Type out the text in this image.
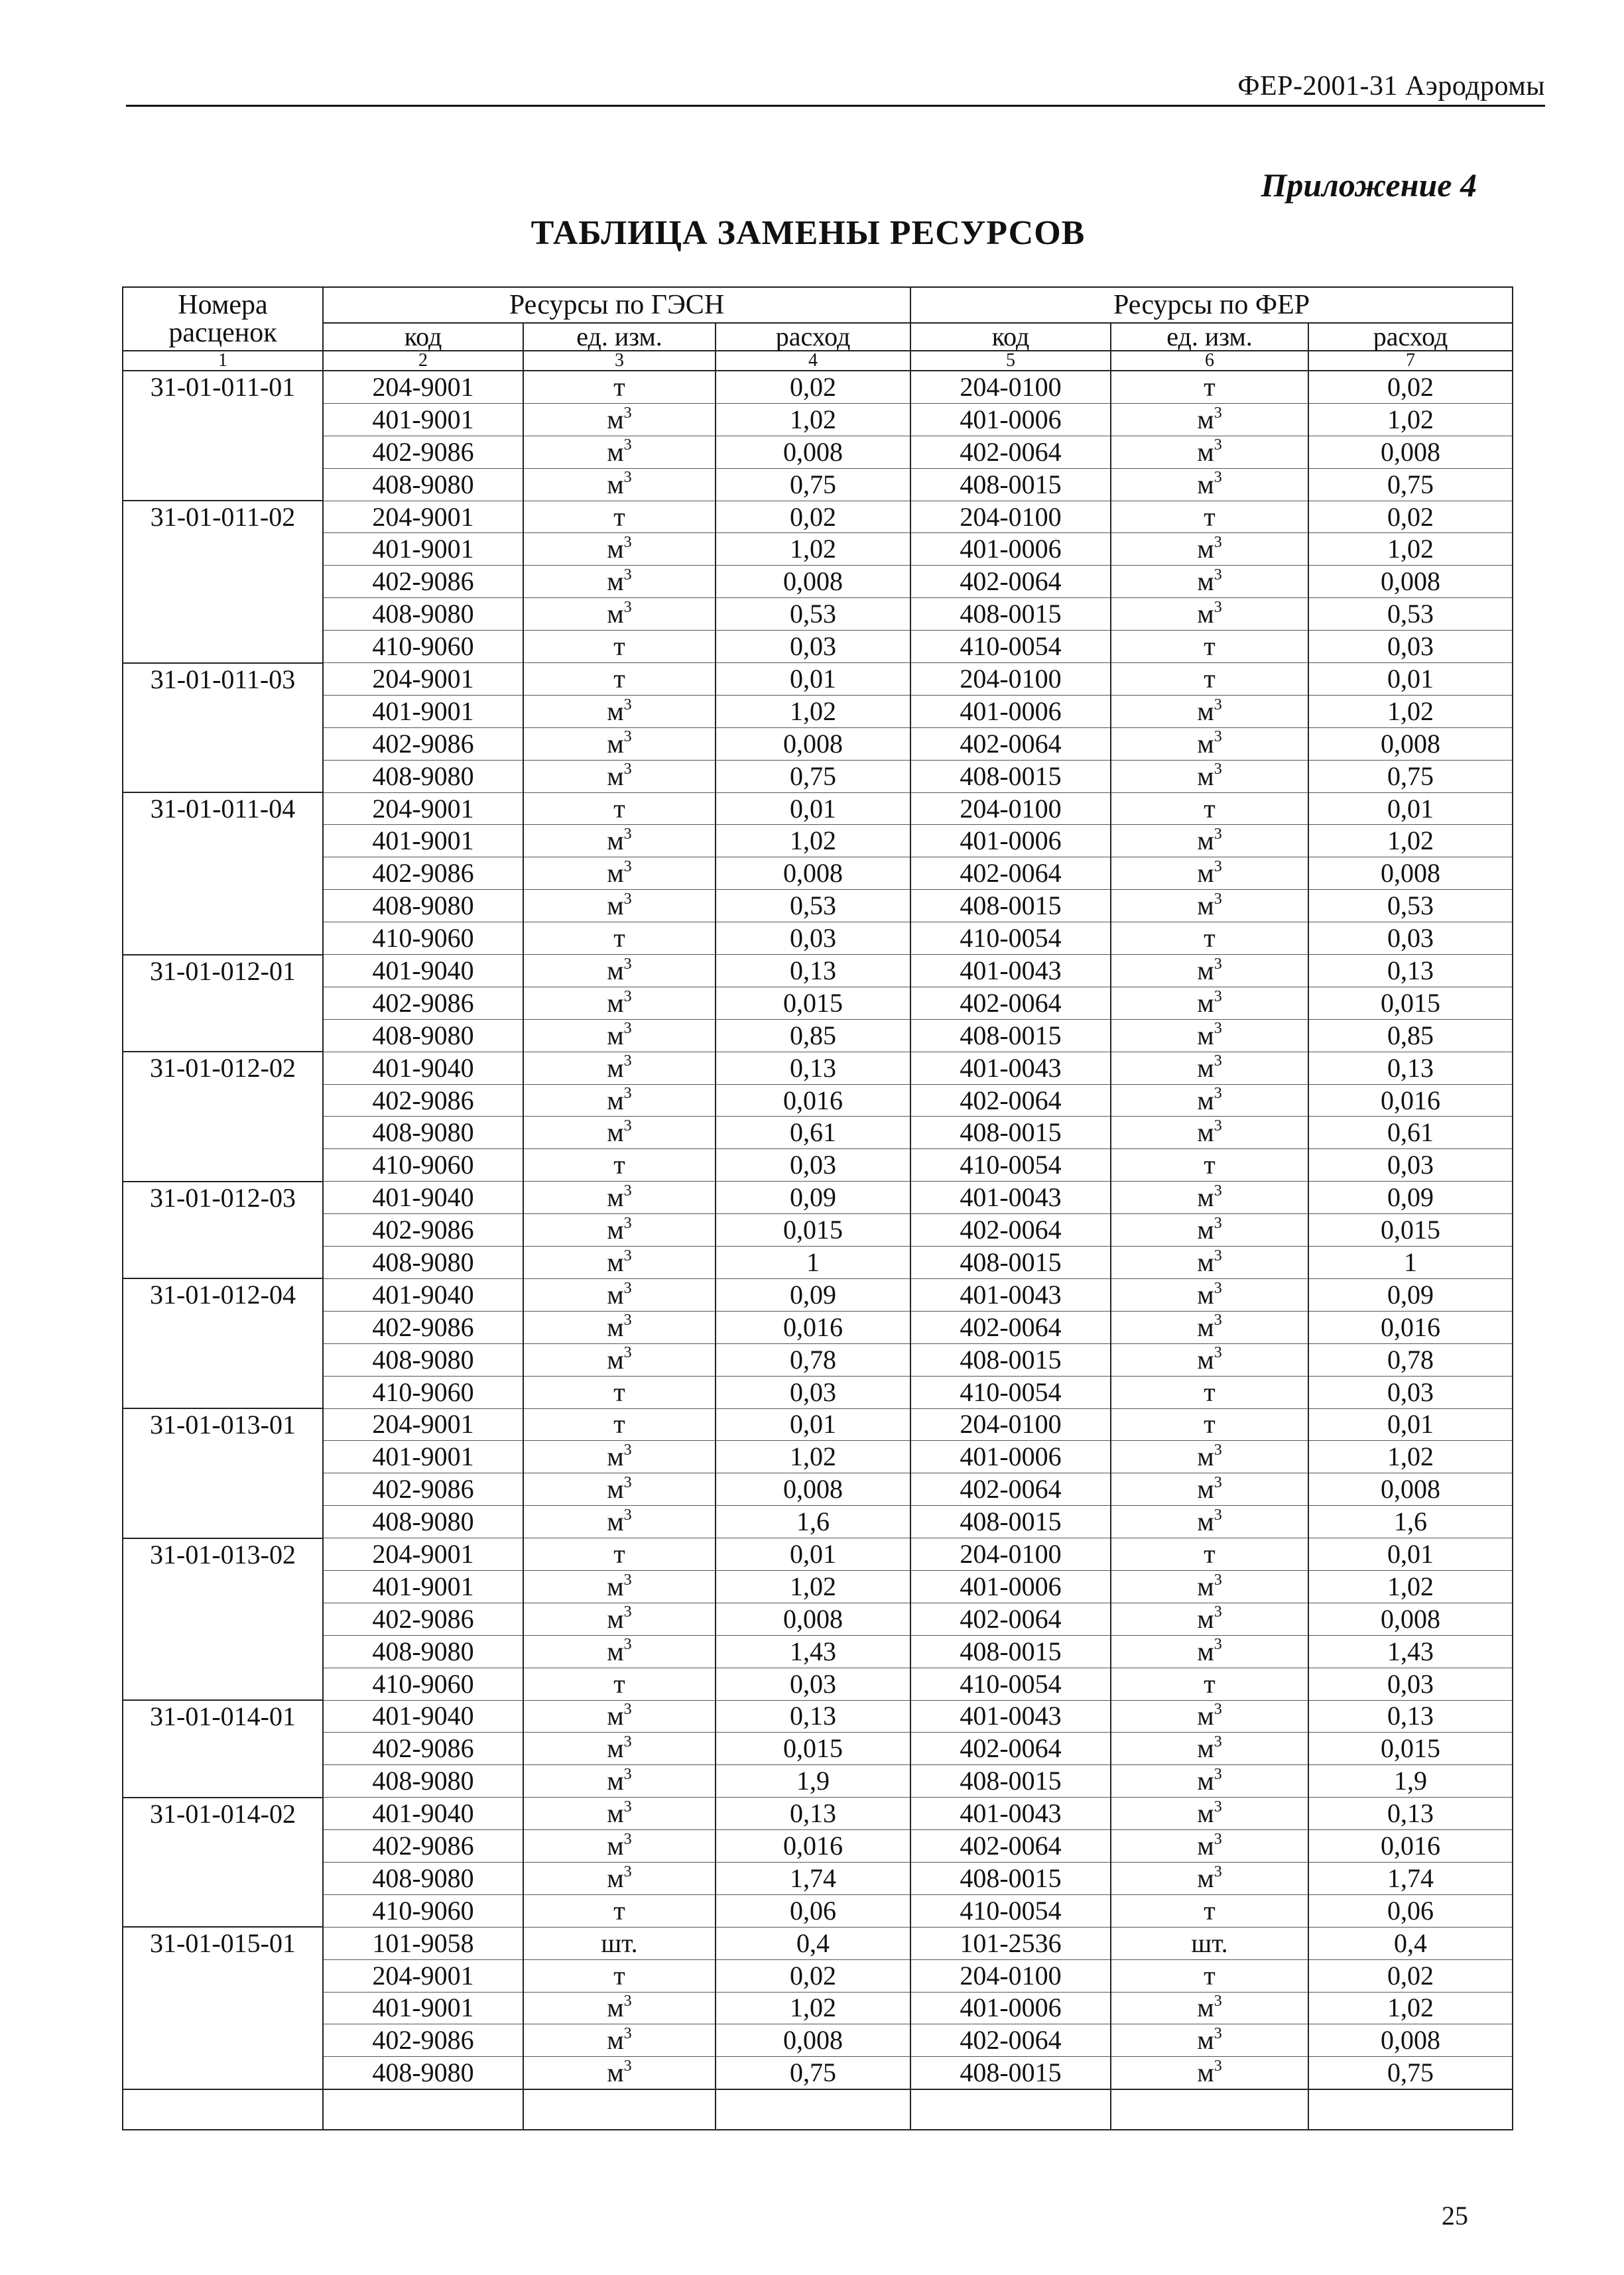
ФЕР-2001-31 Аэродромы
Приложение 4
ТАБЛИЦА ЗАМЕНЫ РЕСУРСОВ
Номера
расценок	Ресурсы по ГЭСН			Ресурсы по ФЕР		
	код	ед. изм.	расход	код	ед. изм.	расход
1	2	3	4	5	6	7
31-01-011-01	204-9001	т	0,02	204-0100	т	0,02
	401-9001	$м^3$	1,02	401-0006	$м^3$	1,02
	402-9086	$м^3$	0,008	402-0064	$м^3$	0,008
	408-9080	$м^3$	0,75	408-0015	$м^3$	0,75
31-01-011-02	204-9001	т	0,02	204-0100	т	0,02
	401-9001	$м^3$	1,02	401-0006	$м^3$	1,02
	402-9086	$м^3$	0,008	402-0064	$м^3$	0,008
	408-9080	$м^3$	0,53	408-0015	$м^3$	0,53
	410-9060	т	0,03	410-0054	т	0,03
31-01-011-03	204-9001	т	0,01	204-0100	т	0,01
	401-9001	$м^3$	1,02	401-0006	$м^3$	1,02
	402-9086	$м^3$	0,008	402-0064	$м^3$	0,008
	408-9080	$м^3$	0,75	408-0015	$м^3$	0,75
31-01-011-04	204-9001	т	0,01	204-0100	т	0,01
	401-9001	$м^3$	1,02	401-0006	$м^3$	1,02
	402-9086	$м^3$	0,008	402-0064	$м^3$	0,008
	408-9080	$м^3$	0,53	408-0015	$м^3$	0,53
	410-9060	т	0,03	410-0054	т	0,03
31-01-012-01	401-9040	$м^3$	0,13	401-0043	$м^3$	0,13
	402-9086	$м^3$	0,015	402-0064	$м^3$	0,015
	408-9080	$м^3$	0,85	408-0015	$м^3$	0,85
31-01-012-02	401-9040	$м^3$	0,13	401-0043	$м^3$	0,13
	402-9086	$м^3$	0,016	402-0064	$м^3$	0,016
	408-9080	$м^3$	0,61	408-0015	$м^3$	0,61
	410-9060	т	0,03	410-0054	т	0,03
31-01-012-03	401-9040	$м^3$	0,09	401-0043	$м^3$	0,09
	402-9086	$м^3$	0,015	402-0064	$м^3$	0,015
	408-9080	$м^3$	1	408-0015	$м^3$	1
31-01-012-04	401-9040	$м^3$	0,09	401-0043	$м^3$	0,09
	402-9086	$м^3$	0,016	402-0064	$м^3$	0,016
	408-9080	$м^3$	0,78	408-0015	$м^3$	0,78
	410-9060	т	0,03	410-0054	т	0,03
31-01-013-01	204-9001	т	0,01	204-0100	т	0,01
	401-9001	$м^3$	1,02	401-0006	$м^3$	1,02
	402-9086	$м^3$	0,008	402-0064	$м^3$	0,008
	408-9080	$м^3$	1,6	408-0015	$м^3$	1,6
31-01-013-02	204-9001	т	0,01	204-0100	т	0,01
	401-9001	$м^3$	1,02	401-0006	$м^3$	1,02
	402-9086	$м^3$	0,008	402-0064	$м^3$	0,008
	408-9080	$м^3$	1,43	408-0015	$м^3$	1,43
	410-9060	т	0,03	410-0054	т	0,03
31-01-014-01	401-9040	$м^3$	0,13	401-0043	$м^3$	0,13
	402-9086	$м^3$	0,015	402-0064	$м^3$	0,015
	408-9080	$м^3$	1,9	408-0015	$м^3$	1,9
31-01-014-02	401-9040	$м^3$	0,13	401-0043	$м^3$	0,13
	402-9086	$м^3$	0,016	402-0064	$м^3$	0,016
	408-9080	$м^3$	1,74	408-0015	$м^3$	1,74
	410-9060	т	0,06	410-0054	т	0,06
31-01-015-01	101-9058	шт.	0,4	101-2536	шт.	0,4
	204-9001	т	0,02	204-0100	т	0,02
	401-9001	$м^3$	1,02	401-0006	$м^3$	1,02
	402-9086	$м^3$	0,008	402-0064	$м^3$	0,008
	408-9080	$м^3$	0,75	408-0015	$м^3$	0,75

25
